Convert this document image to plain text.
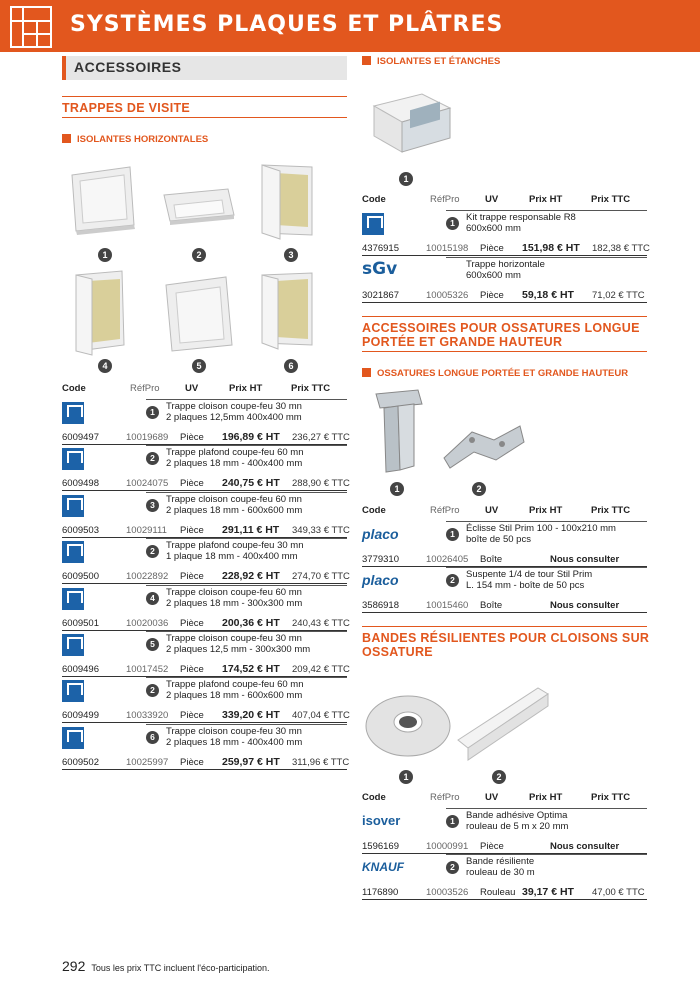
SYSTÈMES PLAQUES ET PLÂTRES
ACCESSOIRES
TRAPPES DE VISITE
ISOLANTES HORIZONTALES
1	2	3
4	5	6
Code	RéfPro	UV	Prix HT	Prix TTC
1	Trappe cloison coupe-feu 30 mn
2 plaques 12,5mm 400x400 mm
6009497	10019689 Pièce 196,89 € HT 236,27 € TTC
2	Trappe plafond coupe-feu 60 mn
2 plaques 18 mm - 400x400 mm
6009498	10024075 Pièce 240,75 € HT 288,90 € TTC
3	Trappe cloison coupe-feu 60 mn
2 plaques 18 mm - 600x600 mm
6009503	10029111 Pièce 291,11 € HT 349,33 € TTC
2	Trappe plafond coupe-feu 30 mn
1 plaque 18 mm - 400x400 mm
6009500	10022892 Pièce 228,92 € HT 274,70 € TTC
4	Trappe cloison coupe-feu 60 mn
2 plaques 18 mm - 300x300 mm
6009501	10020036 Pièce 200,36 € HT 240,43 € TTC
5	Trappe cloison coupe-feu 30 mn
2 plaques 12,5 mm - 300x300 mm
6009496	10017452 Pièce 174,52 € HT 209,42 € TTC
2	Trappe plafond coupe-feu 60 mn
2 plaques 18 mm - 600x600 mm
6009499	10033920 Pièce 339,20 € HT 407,04 € TTC
6	Trappe cloison coupe-feu 30 mn
2 plaques 18 mm - 400x400 mm
6009502	10025997 Pièce 259,97 € HT 311,96 € TTC
ISOLANTES ET ÉTANCHES
1
Code	RéfPro	UV	Prix HT	Prix TTC
1	Kit trappe responsable R8
600x600 mm
4376915	10015198 Pièce 151,98 € HT 182,38 € TTC
sGv	Trappe horizontale
600x600 mm
3021867	10005326 Pièce 59,18 € HT 71,02 € TTC
ACCESSOIRES POUR OSSATURES LONGUE
PORTÉE ET GRANDE HAUTEUR
OSSATURES LONGUE PORTÉE ET GRANDE HAUTEUR
1	2
Code	RéfPro	UV	Prix HT	Prix TTC
placo	1	Éclisse Stil Prim 100 - 100x210 mm
boîte de 50 pcs
3779310	10026405 Boîte	Nous consulter
placo	2	Suspente 1/4 de tour Stil Prim
L. 154 mm - boîte de 50 pcs
3586918	10015460 Boîte	Nous consulter
BANDES RÉSILIENTES POUR CLOISONS SUR
OSSATURE
1	2
Code	RéfPro	UV	Prix HT	Prix TTC
isover	1	Bande adhésive Optima
rouleau de 5 m x 20 mm
1596169	10000991 Pièce	Nous consulter
KNAUF	2	Bande résiliente
rouleau de 30 m
1176890	10003526 Rouleau 39,17 € HT 47,00 € TTC
292 Tous les prix TTC incluent l'éco-participation.
